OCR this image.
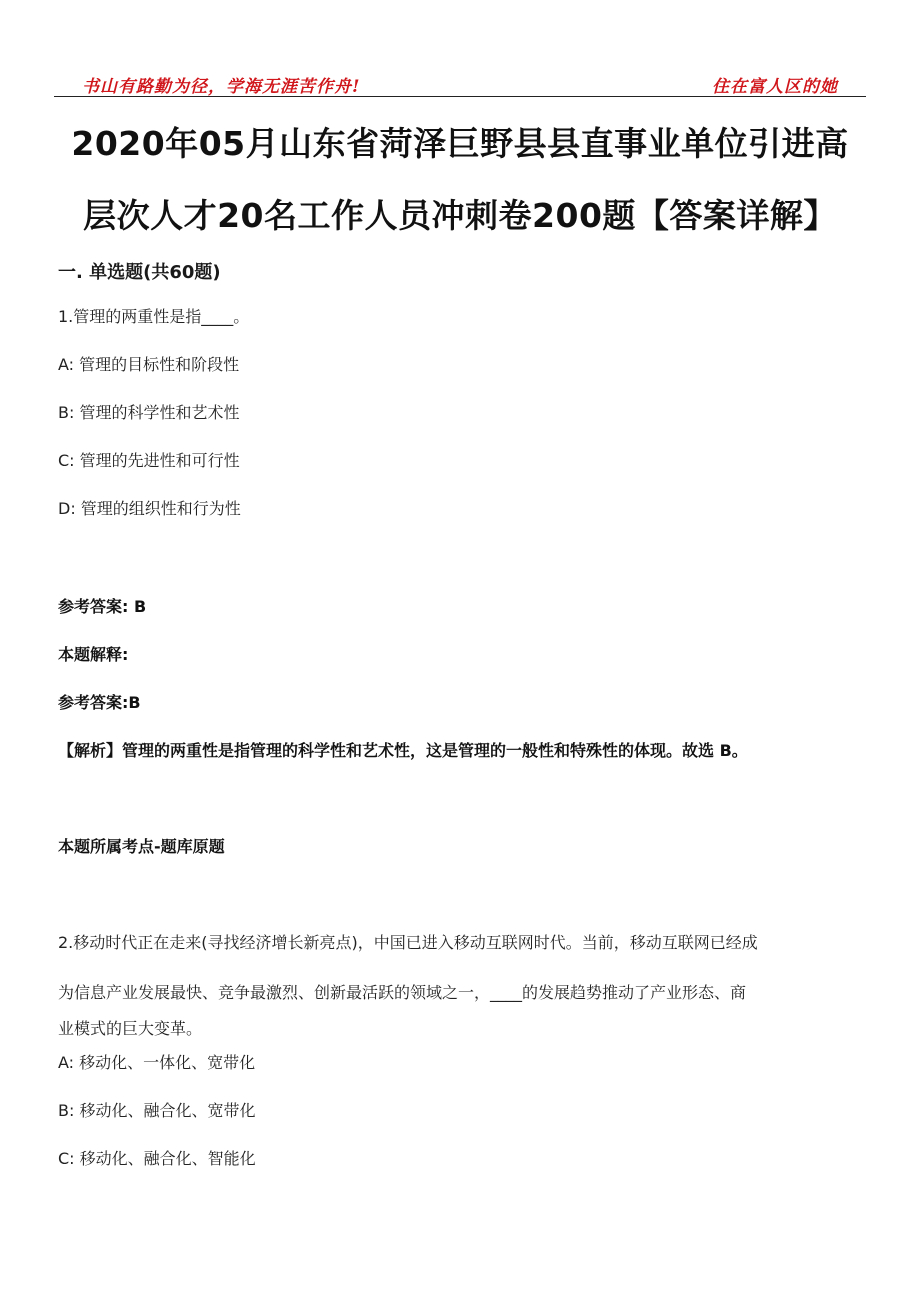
书山有路勤为径，学海无涯苦作舟!	住在富人区的她
2020年05月山东省菏泽巨野县县直事业单位引进高
层次人才20名工作人员冲刺卷200题【答案详解】
一. 单选题(共60题)
1.管理的两重性是指____。
A: 管理的目标性和阶段性
B: 管理的科学性和艺术性
C: 管理的先进性和可行性
D: 管理的组织性和行为性
参考答案: B
本题解释:
参考答案:B
【解析】管理的两重性是指管理的科学性和艺术性，这是管理的一般性和特殊性的体现。故选 B。
本题所属考点-题库原题
2.移动时代正在走来(寻找经济增长新亮点)，中国已进入移动互联网时代。当前，移动互联网已经成
为信息产业发展最快、竞争最激烈、创新最活跃的领域之一，____的发展趋势推动了产业形态、商
业模式的巨大变革。
A: 移动化、一体化、宽带化
B: 移动化、融合化、宽带化
C: 移动化、融合化、智能化
